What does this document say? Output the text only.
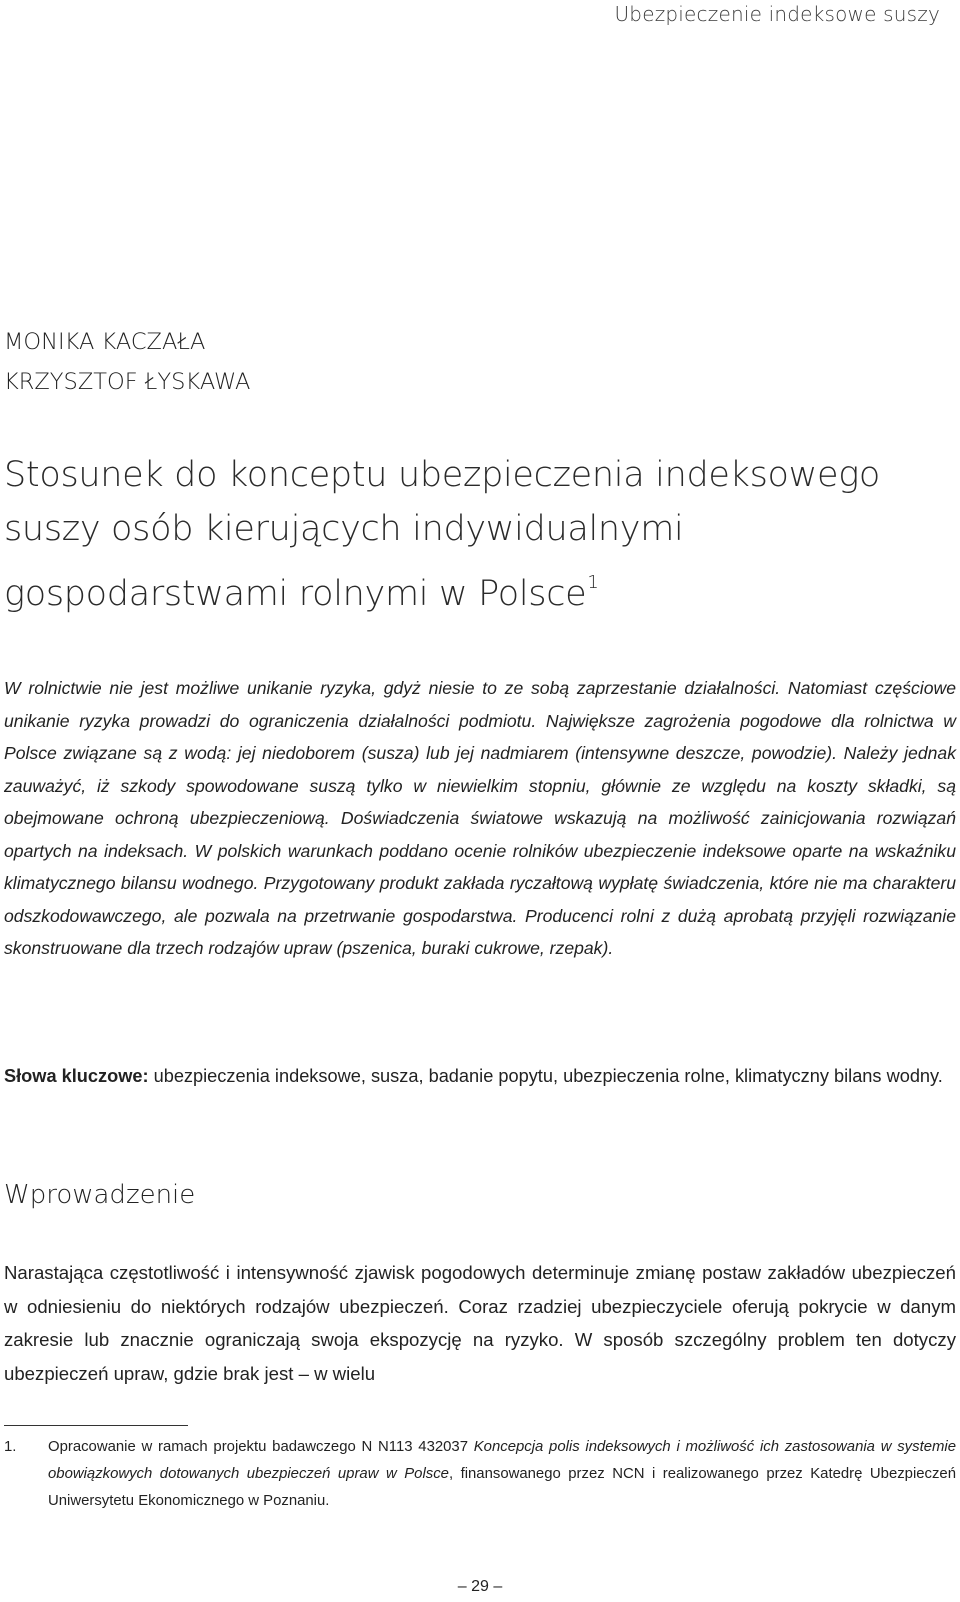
Ubezpieczenie indeksowe suszy
MONIKA KACZAŁA
KRZYSZTOF ŁYSKAWA
Stosunek do konceptu ubezpieczenia indeksowego
suszy osób kierujących indywidualnymi
gospodarstwami rolnymi w Polsce$^1$
W rolnictwie nie jest możliwe unikanie ryzyka, gdyż niesie to ze sobą zaprzestanie działalności. Natomiast częściowe unikanie ryzyka prowadzi do ograniczenia działalności podmiotu. Największe zagrożenia pogodowe dla rolnictwa w Polsce związane są z wodą: jej niedoborem (susza) lub jej nadmiarem (intensywne deszcze, powodzie). Należy jednak zauważyć, iż szkody spowodowane suszą tylko w niewielkim stopniu, głównie ze względu na koszty składki, są obejmowane ochroną ubezpieczeniową. Doświadczenia światowe wskazują na możliwość zainicjowania rozwiązań opartych na indeksach. W polskich warunkach poddano ocenie rolników ubezpieczenie indeksowe oparte na wskaźniku klimatycznego bilansu wodnego. Przygotowany produkt zakłada ryczałtową wypłatę świadczenia, które nie ma charakteru odszkodowawczego, ale pozwala na przetrwanie gospodarstwa. Producenci rolni z dużą aprobatą przyjęli rozwiązanie skonstruowane dla trzech rodzajów upraw (pszenica, buraki cukrowe, rzepak).
Słowa kluczowe: ubezpieczenia indeksowe, susza, badanie popytu, ubezpieczenia rolne, klimatyczny bilans wodny.
Wprowadzenie
Narastająca częstotliwość i intensywność zjawisk pogodowych determinuje zmianę postaw zakładów ubezpieczeń w odniesieniu do niektórych rodzajów ubezpieczeń. Coraz rzadziej ubezpieczyciele oferują pokrycie w danym zakresie lub znacznie ograniczają swoja ekspozycję na ryzyko. W sposób szczególny problem ten dotyczy ubezpieczeń upraw, gdzie brak jest – w wielu
1. Opracowanie w ramach projektu badawczego N N113 432037 Koncepcja polis indeksowych i możliwość ich zastosowania w systemie obowiązkowych dotowanych ubezpieczeń upraw w Polsce, finansowanego przez NCN i realizowanego przez Katedrę Ubezpieczeń Uniwersytetu Ekonomicznego w Poznaniu.
– 29 –
